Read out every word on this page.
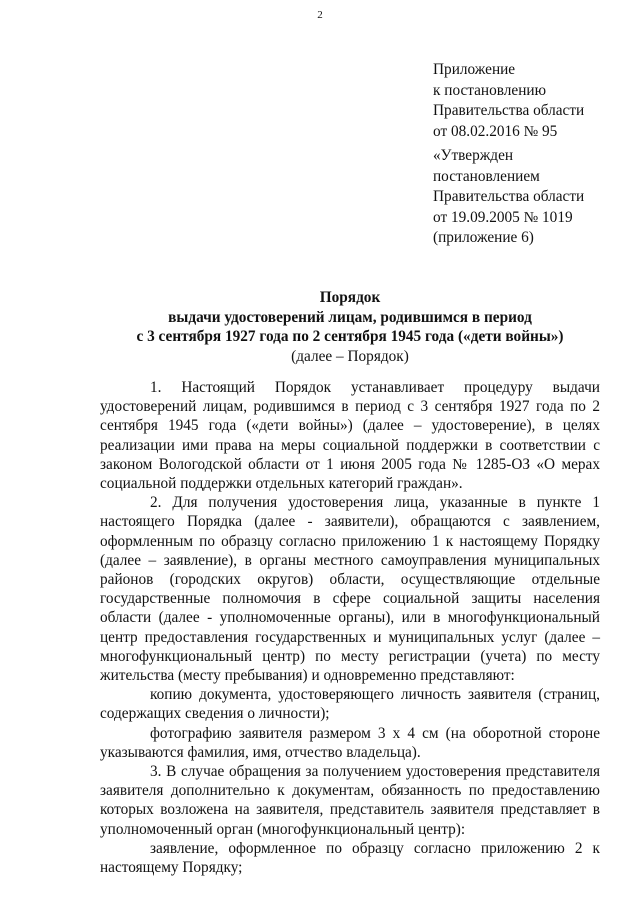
2
Приложение
к постановлению
Правительства области
от 08.02.2016 № 95
«Утвержден
постановлением
Правительства области
от 19.09.2005 № 1019
(приложение 6)
Порядок
выдачи удостоверений лицам, родившимся в период
с 3 сентября 1927 года по 2 сентября 1945 года («дети войны»)
(далее – Порядок)

1. Настоящий Порядок устанавливает процедуру выдачи удостоверений лицам, родившимся в период с 3 сентября 1927 года по 2 сентября 1945 года («дети войны») (далее – удостоверение), в целях реализации ими права на меры социальной поддержки в соответствии с законом Вологодской области от 1 июня 2005 года № 1285-ОЗ «О мерах социальной поддержки отдельных категорий граждан».

2. Для получения удостоверения лица, указанные в пункте 1 настоящего Порядка (далее - заявители), обращаются с заявлением, оформленным по образцу согласно приложению 1 к настоящему Порядку (далее – заявление), в органы местного самоуправления муниципальных районов (городских округов) области, осуществляющие отдельные государственные полномочия в сфере социальной защиты населения области (далее - уполномоченные органы), или в многофункциональный центр предоставления государственных и муниципальных услуг (далее – многофункциональный центр) по месту регистрации (учета) по месту жительства (месту пребывания) и одновременно представляют:

копию документа, удостоверяющего личность заявителя (страниц, содержащих сведения о личности);

фотографию заявителя размером 3 х 4 см (на оборотной стороне указываются фамилия, имя, отчество владельца).

3. В случае обращения за получением удостоверения представителя заявителя дополнительно к документам, обязанность по предоставлению которых возложена на заявителя, представитель заявителя представляет в уполномоченный орган (многофункциональный центр):

заявление, оформленное по образцу согласно приложению 2 к настоящему Порядку;
